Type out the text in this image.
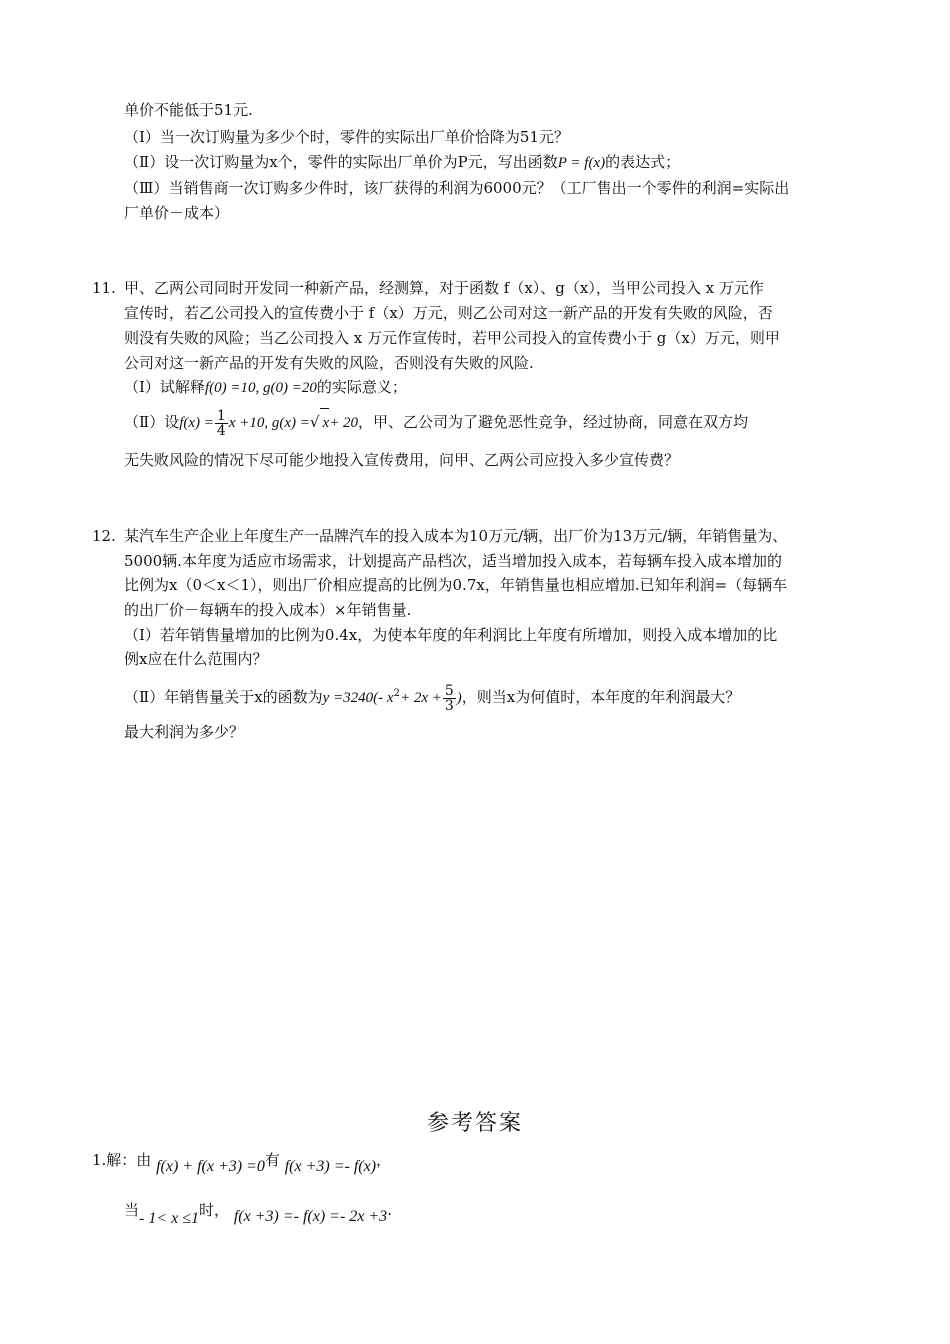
单价不能低于51元.
（Ⅰ）当一次订购量为多少个时，零件的实际出厂单价恰降为51元？
（Ⅱ）设一次订购量为x个，零件的实际出厂单价为P元，写出函数P = f(x)的表达式；
（Ⅲ）当销售商一次订购多少件时，该厂获得的利润为6000元？（工厂售出一个零件的利润=实际出
厂单价－成本）
11. 甲、乙两公司同时开发同一种新产品，经测算，对于函数 f（x）、g（x），当甲公司投入 x 万元作
宣传时，若乙公司投入的宣传费小于 f（x）万元，则乙公司对这一新产品的开发有失败的风险，否
则没有失败的风险；当乙公司投入 x 万元作宣传时，若甲公司投入的宣传费小于 g（x）万元，则甲
公司对这一新产品的开发有失败的风险，否则没有失败的风险.
（Ⅰ）试解释f(0) =10, g(0) =20的实际意义；
（Ⅱ）设$f(x) = \frac{1}{4}$ x +10, g(x) =√ x+ 20，甲、乙公司为了避免恶性竞争，经过协商，同意在双方均
无失败风险的情况下尽可能少地投入宣传费用，问甲、乙两公司应投入多少宣传费？
12. 某汽车生产企业上年度生产一品牌汽车的投入成本为10万元/辆，出厂价为13万元/辆，年销售量为、
5000辆.本年度为适应市场需求，计划提高产品档次，适当增加投入成本，若每辆车投入成本增加的
比例为x（0＜x＜1），则出厂价相应提高的比例为0.7x，年销售量也相应增加.已知年利润=（每辆车
的出厂价－每辆车的投入成本）×年销售量.
（Ⅰ）若年销售量增加的比例为0.4x，为使本年度的年利润比上年度有所增加，则投入成本增加的比
例x应在什么范围内？
（Ⅱ）年销售量关于x的函数为y =3240(- $x^2+ 2x + \frac{5}{3}$ )，则当x为何值时，本年度的年利润最大？
最大利润为多少？
参考答案
1.解：由 f(x) + f(x +3) =0有 f(x +3) =- f(x)，
当- 1< x ≤1时， f(x +3) =- f(x) =- 2x +3.
